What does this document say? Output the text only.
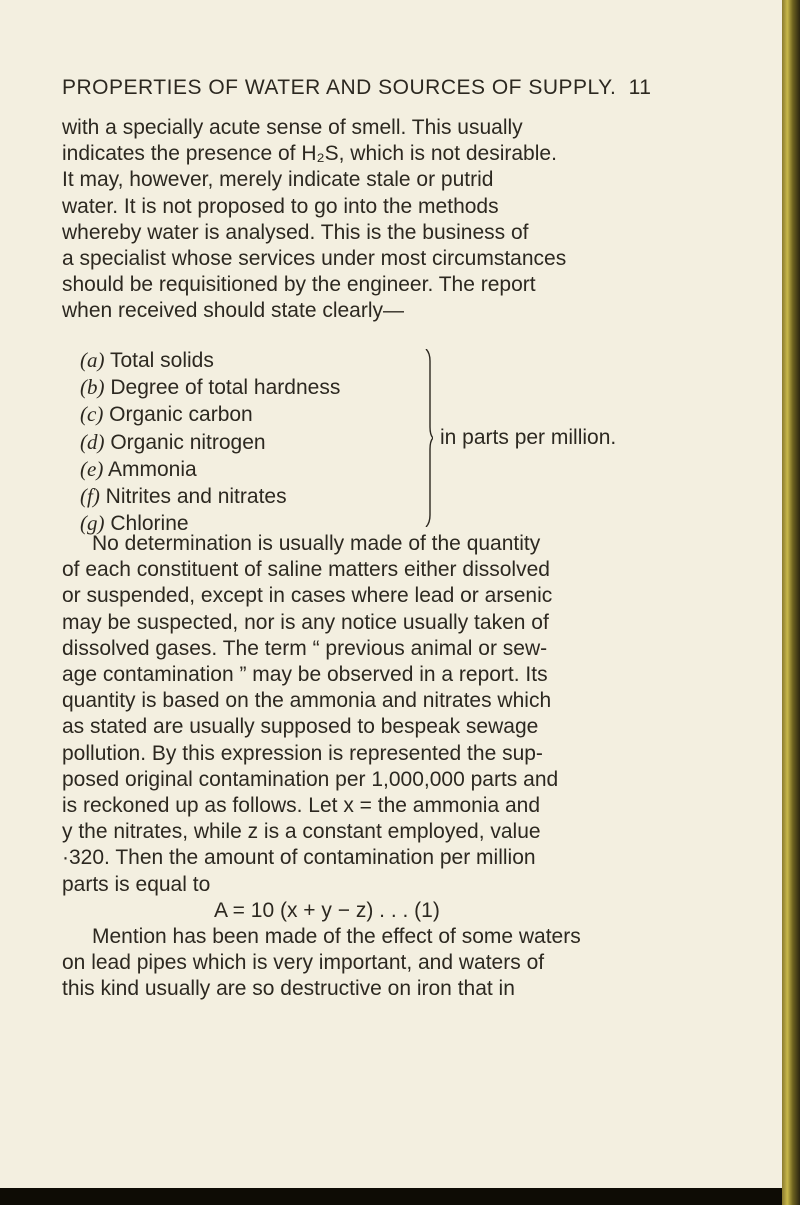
PROPERTIES OF WATER AND SOURCES OF SUPPLY. 11
with a specially acute sense of smell. This usually
indicates the presence of H₂S, which is not desirable.
It may, however, merely indicate stale or putrid
water. It is not proposed to go into the methods
whereby water is analysed. This is the business of
a specialist whose services under most circumstances
should be requisitioned by the engineer. The report
when received should state clearly—
(a) Total solids
(b) Degree of total hardness
(c) Organic carbon
(d) Organic nitrogen
(e) Ammonia
(f) Nitrites and nitrates
(g) Chlorine
in parts per million.
No determination is usually made of the quantity
of each constituent of saline matters either dissolved
or suspended, except in cases where lead or arsenic
may be suspected, nor is any notice usually taken of
dissolved gases. The term “ previous animal or sew-
age contamination ” may be observed in a report. Its
quantity is based on the ammonia and nitrates which
as stated are usually supposed to bespeak sewage
pollution. By this expression is represented the sup-
posed original contamination per 1,000,000 parts and
is reckoned up as follows. Let x = the ammonia and
y the nitrates, while z is a constant employed, value
·320. Then the amount of contamination per million
parts is equal to
A = 10 (x + y − z) . . . (1)
Mention has been made of the effect of some waters
on lead pipes which is very important, and waters of
this kind usually are so destructive on iron that in
